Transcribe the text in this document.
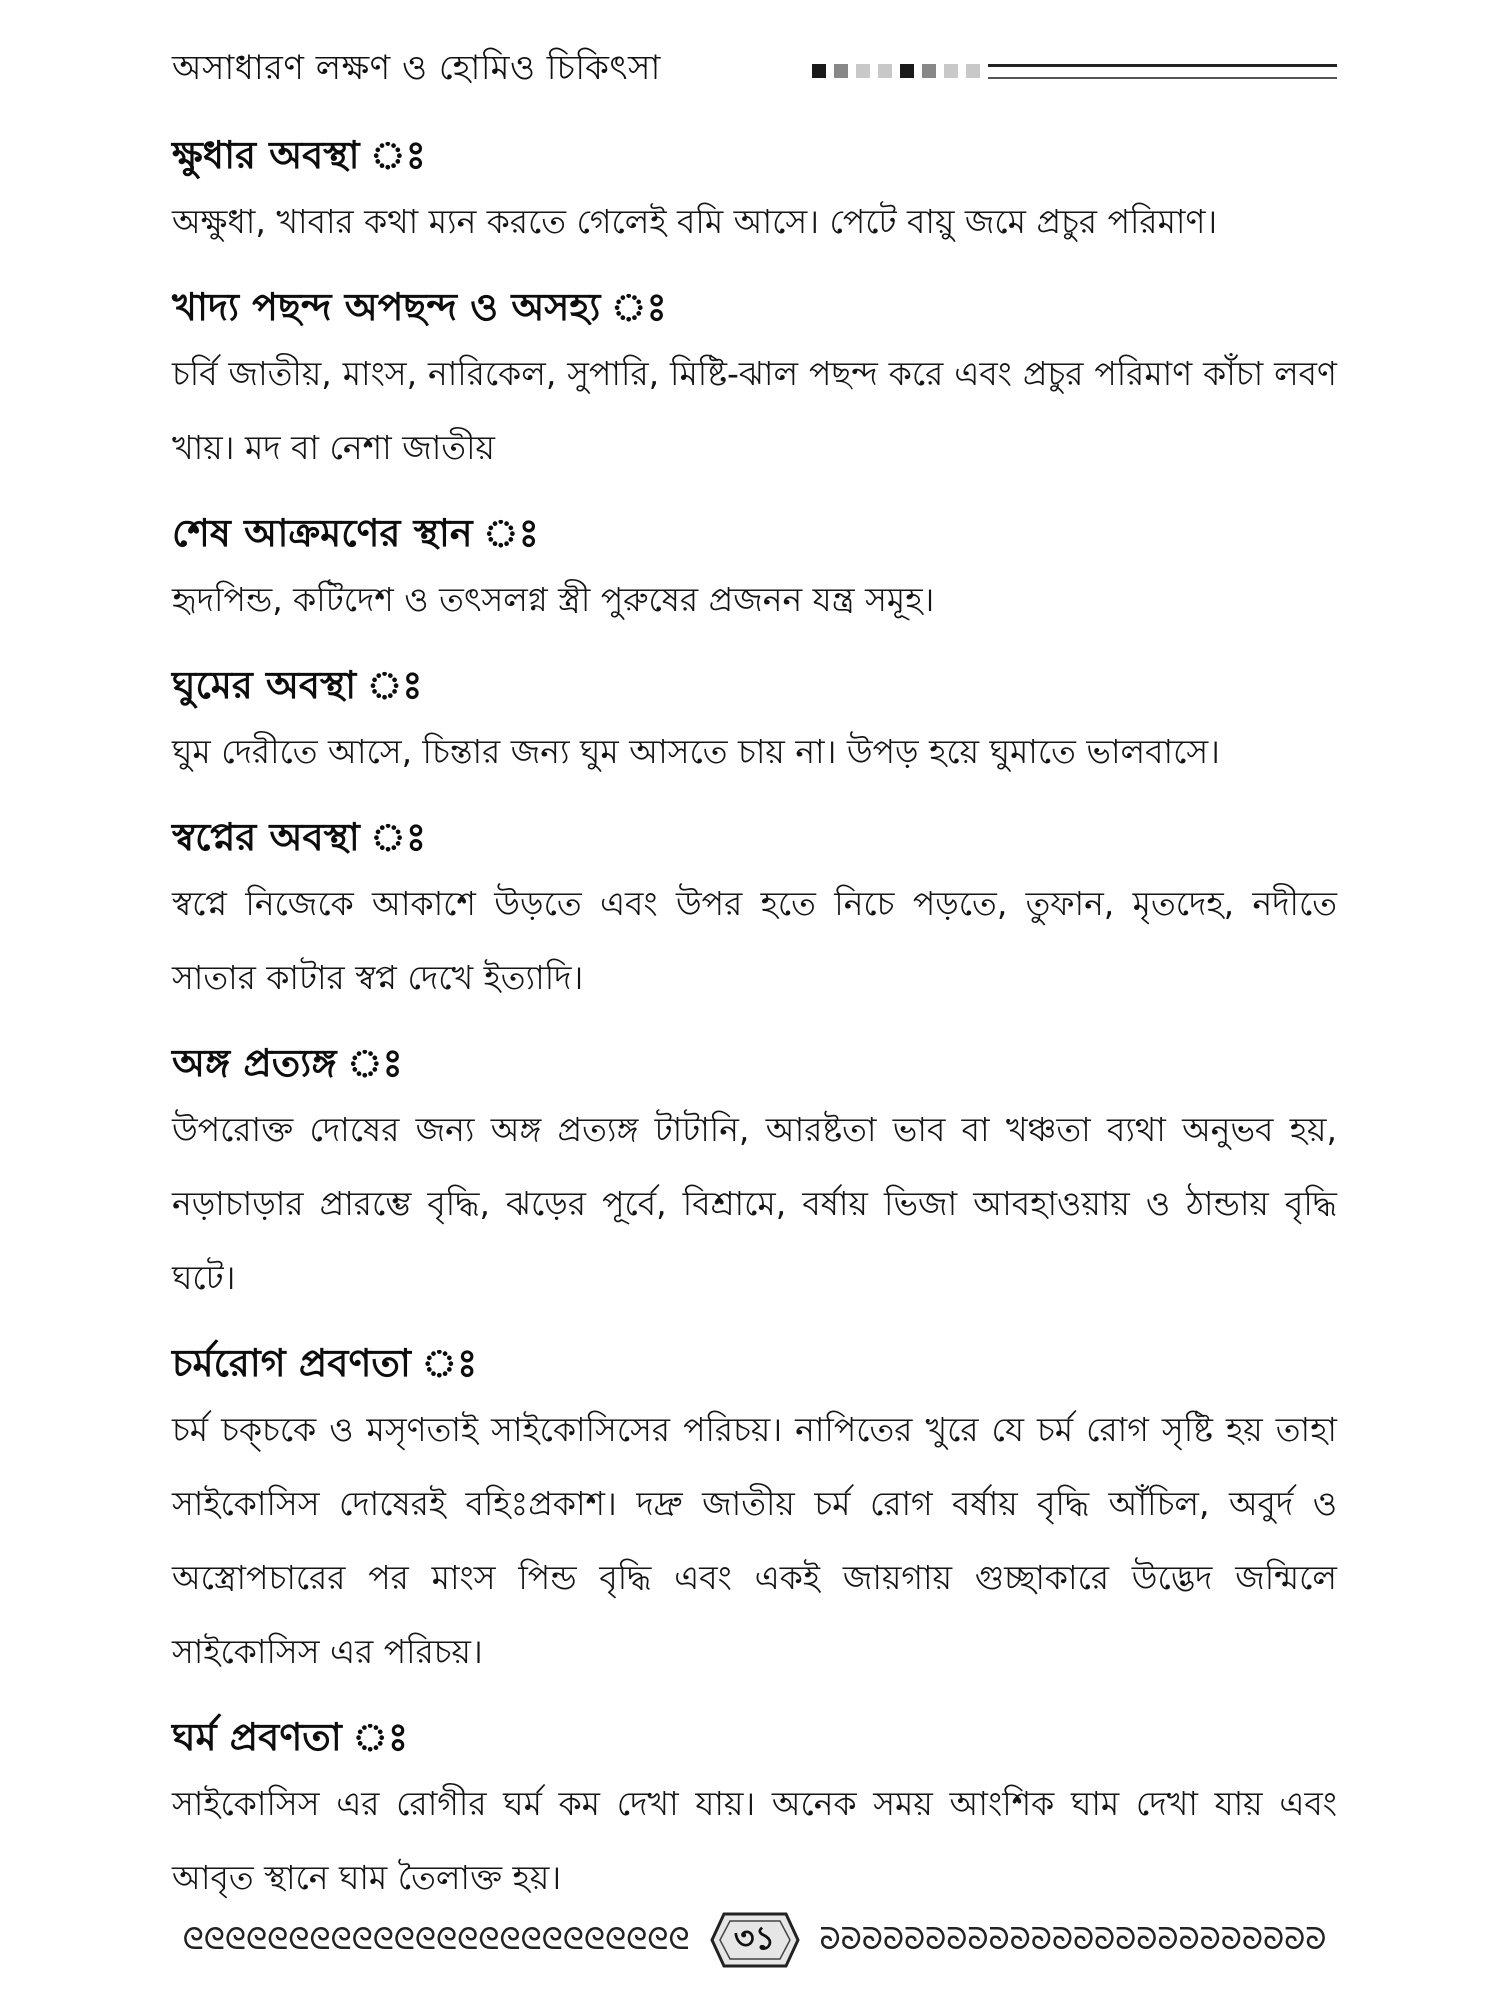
অসাধারণ লক্ষণ ও হোমিও চিকিৎসা
ক্ষুধার অবস্থা ঃ
অক্ষুধা, খাবার কথা ম্যন করতে গেলেই বমি আসে। পেটে বায়ু জমে প্রচুর পরিমাণ।
খাদ্য পছন্দ অপছন্দ ও অসহ্য ঃ
চর্বি জাতীয়, মাংস, নারিকেল, সুপারি, মিষ্টি-ঝাল পছন্দ করে এবং প্রচুর পরিমাণ কাঁচা লবণ খায়। মদ বা নেশা জাতীয়
শেষ আক্রমণের স্থান ঃ
হৃদপিন্ড, কটিদেশ ও তৎসলগ্ন স্ত্রী পুরুষের প্রজনন যন্ত্র সমূহ।
ঘুমের অবস্থা ঃ
ঘুম দেরীতে আসে, চিন্তার জন্য ঘুম আসতে চায় না। উপড় হয়ে ঘুমাতে ভালবাসে।
স্বপ্নের অবস্থা ঃ
স্বপ্নে নিজেকে আকাশে উড়তে এবং উপর হতে নিচে পড়তে, তুফান, মৃতদেহ, নদীতে সাতার কাটার স্বপ্ন দেখে ইত্যাদি।
অঙ্গ প্রত্যঙ্গ ঃ
উপরোক্ত দোষের জন্য অঙ্গ প্রত্যঙ্গ টাটানি, আরষ্টতা ভাব বা খঞ্চতা ব্যথা অনুভব হয়, নড়াচাড়ার প্রারম্ভে বৃদ্ধি, ঝড়ের পূর্বে, বিশ্রামে, বর্ষায় ভিজা আবহাওয়ায় ও ঠান্ডায় বৃদ্ধি ঘটে।
চর্মরোগ প্রবণতা ঃ
চর্ম চক্চকে ও মসৃণতাই সাইকোসিসের পরিচয়। নাপিতের খুরে যে চর্ম রোগ সৃষ্টি হয় তাহা সাইকোসিস দোষেরই বহিঃপ্রকাশ। দদ্রু জাতীয় চর্ম রোগ বর্ষায় বৃদ্ধি আঁচিল, অবুর্দ ও অস্ত্রোপচারের পর মাংস পিন্ড বৃদ্ধি এবং একই জায়গায় গুচ্ছাকারে উদ্ভেদ জন্মিলে সাইকোসিস এর পরিচয়।
ঘর্ম প্রবণতা ঃ
সাইকোসিস এর রোগীর ঘর্ম কম দেখা যায়। অনেক সময় আংশিক ঘাম দেখা যায় এবং আবৃত স্থানে ঘাম তৈলাক্ত হয়।
ᘓᘓᘓᘓᘓᘓᘓᘓᘓᘓᘓᘓᘓᘓᘓᘓᘓᘓᘓᘓᘓᘓᘓᘓ	৩১	ᘐᘐᘐᘐᘐᘐᘐᘐᘐᘐᘐᘐᘐᘐᘐᘐᘐᘐᘐᘐᘐᘐᘐᘐ
